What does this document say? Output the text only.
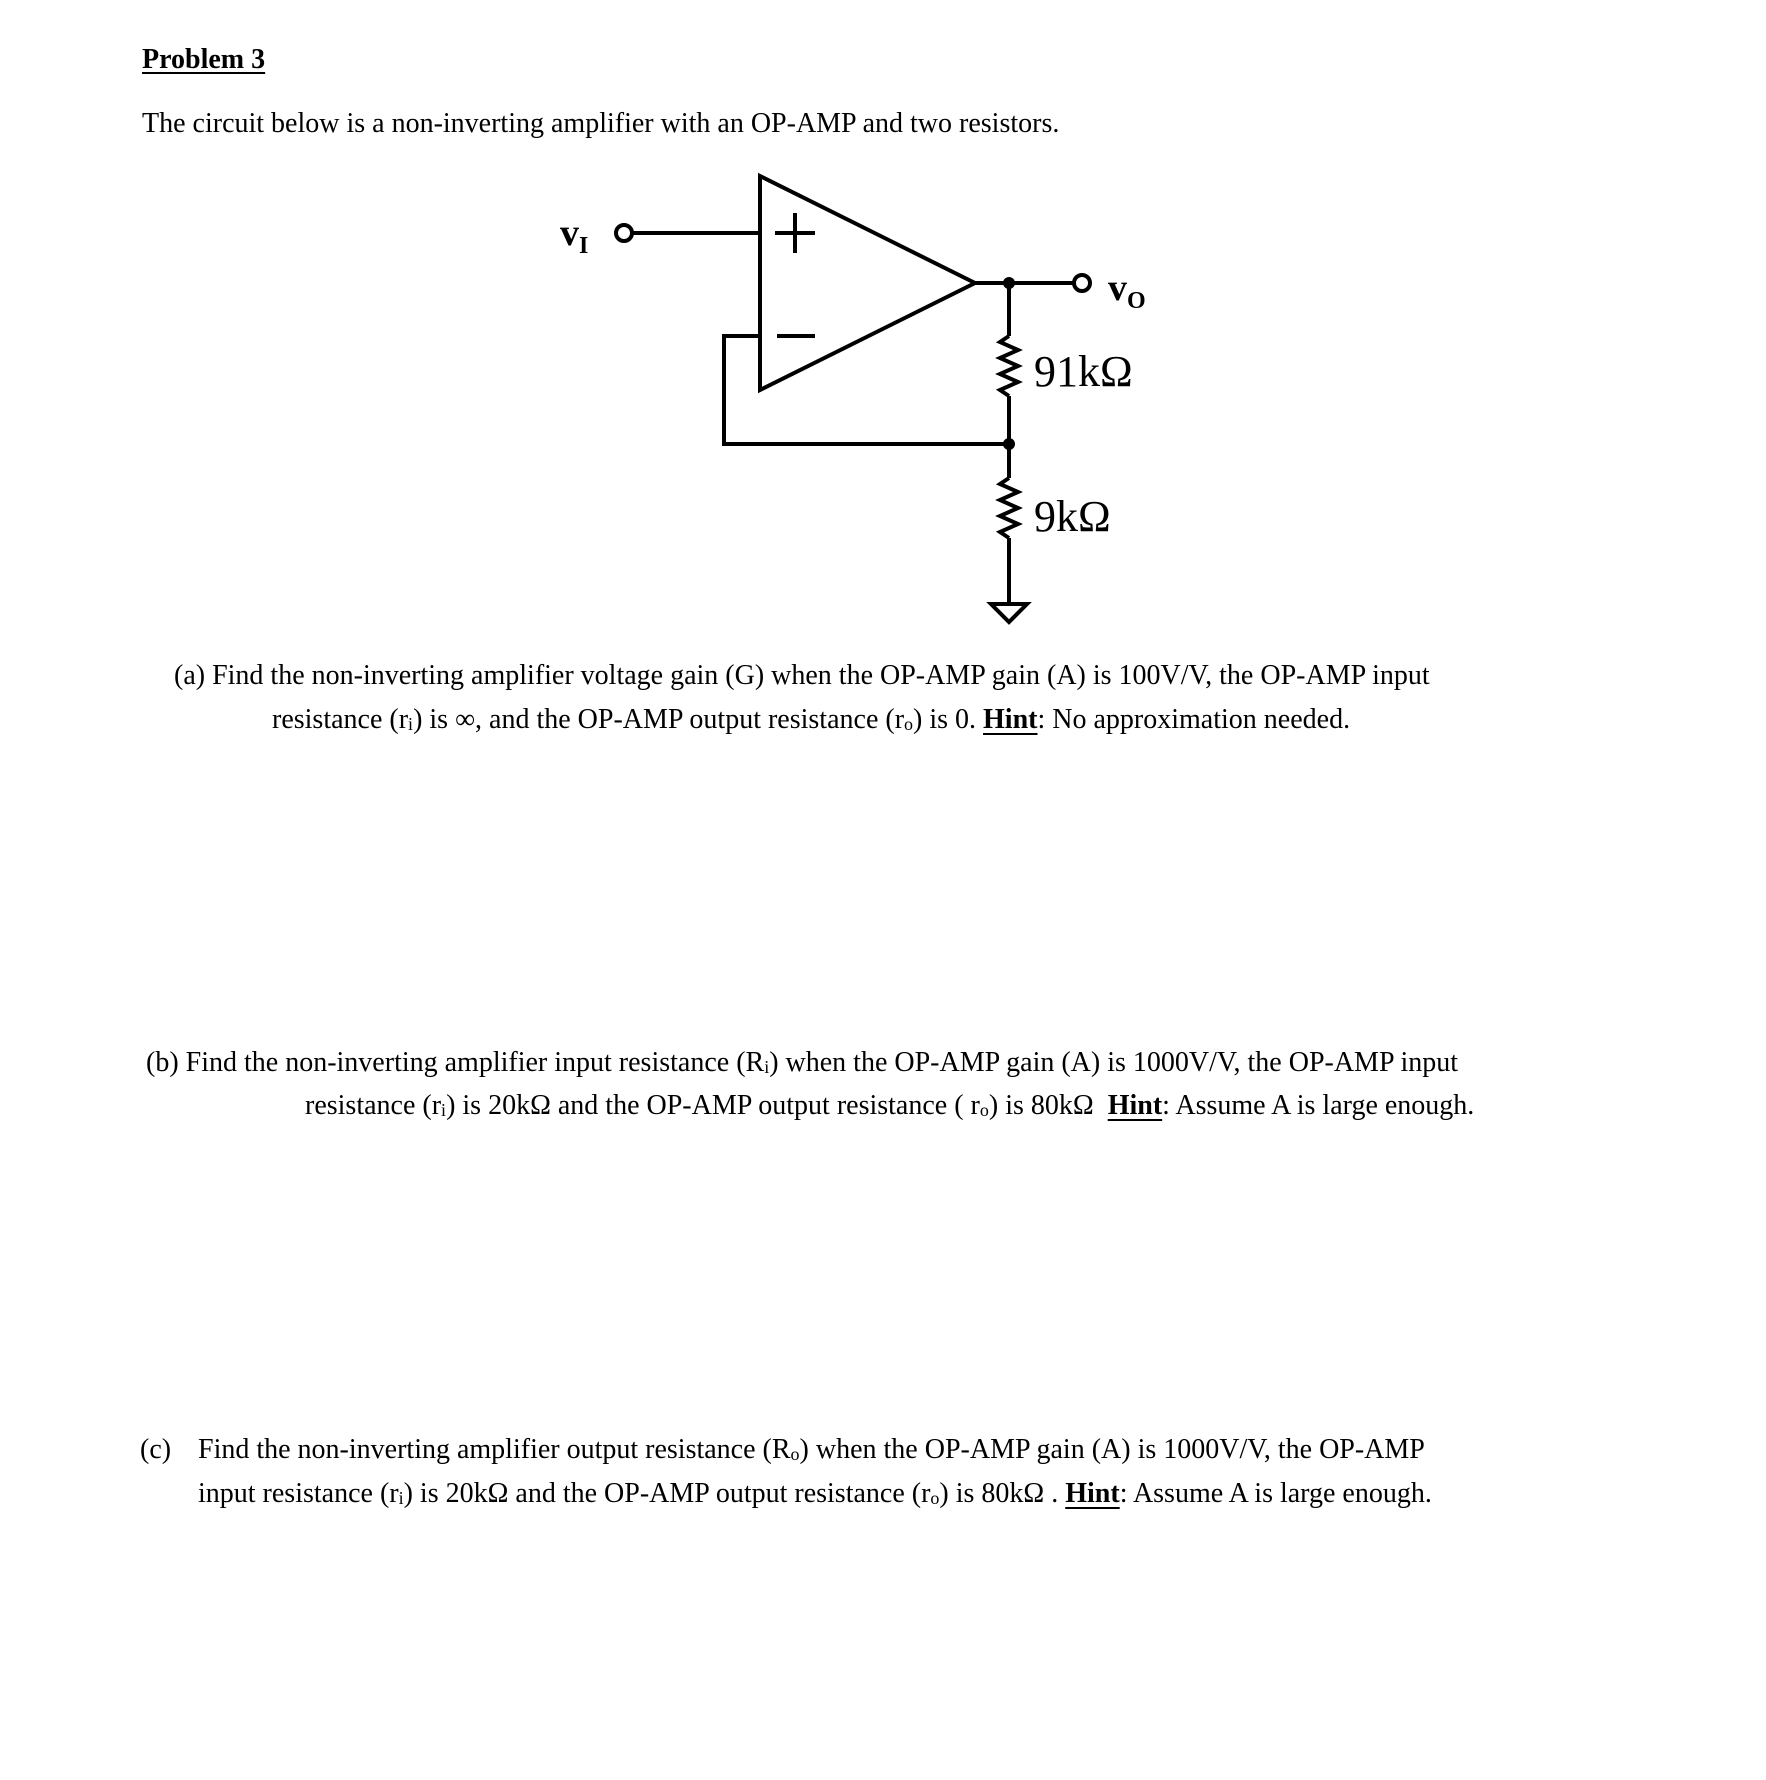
Problem 3
The circuit below is a non-inverting amplifier with an OP-AMP and two resistors.
$v_I$
$v_O$
91kΩ
9kΩ
(a) Find the non-inverting amplifier voltage gain (G) when the OP-AMP gain (A) is 100V/V, the OP-AMP input
resistance $(r_i)$ is ∞, and the OP-AMP output resistance $(r_o)$ is 0. Hint: No approximation needed.
(b) Find the non-inverting amplifier input resistance $(R_i)$ when the OP-AMP gain (A) is 1000V/V, the OP-AMP input
resistance $(r_i)$ is 20kΩ and the OP-AMP output resistance ( $r_o$) is 80kΩ Hint: Assume A is large enough.
(c) Find the non-inverting amplifier output resistance $(R_o)$ when the OP-AMP gain (A) is 1000V/V, the OP-AMP
input resistance $(r_i)$ is 20kΩ and the OP-AMP output resistance $(r_o)$ is 80kΩ . Hint: Assume A is large enough.
